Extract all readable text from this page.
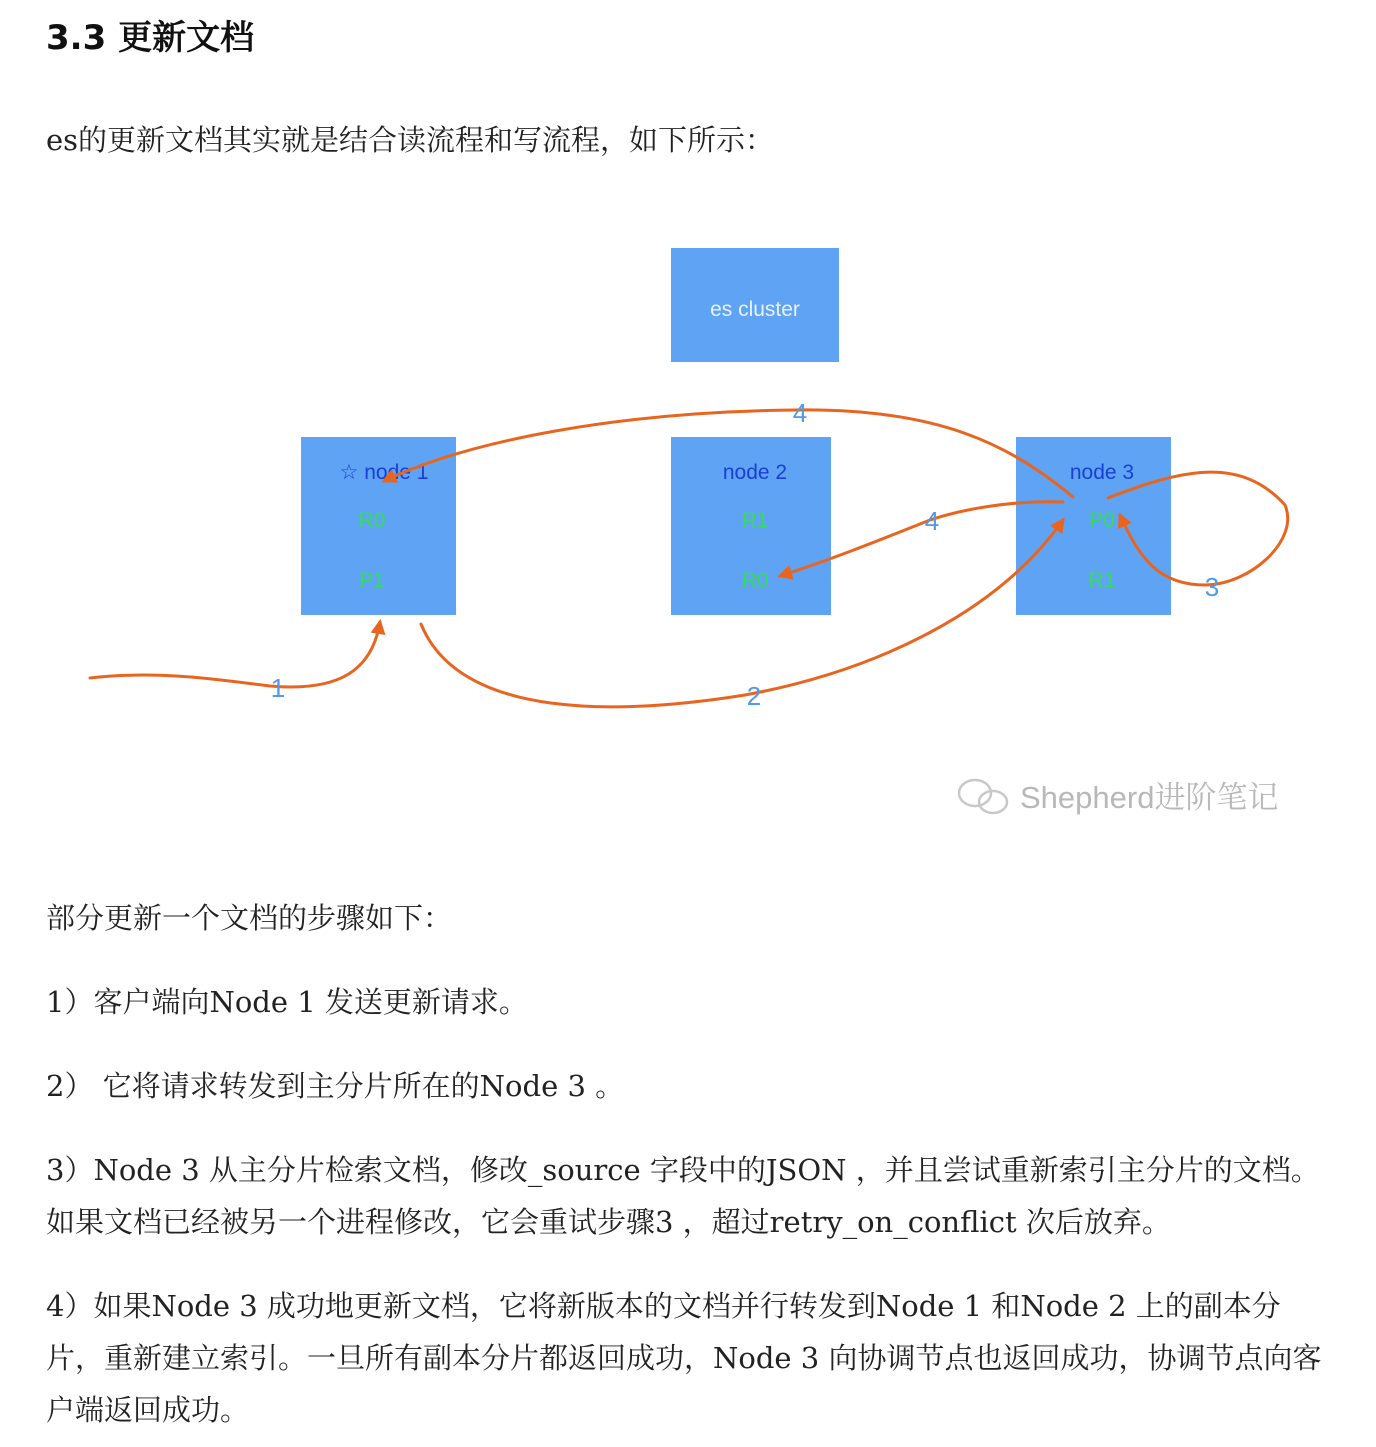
3.3 更新文档

es的更新文档其实就是结合读流程和写流程，如下所示：

es cluster
☆ node 1	node 2	node 3
R0
P1
R1
R0
P0
R1
1	2
3
4
4
Shepherd进阶笔记

部分更新一个文档的步骤如下：

1）客户端向Node 1 发送更新请求。

2） 它将请求转发到主分片所在的Node 3 。

3）Node 3 从主分片检索文档，修改_source 字段中的JSON ，并且尝试重新索引主分片的文档。如果文档已经被另一个进程修改，它会重试步骤3 ，超过retry_on_conflict 次后放弃。

4）如果Node 3 成功地更新文档，它将新版本的文档并行转发到Node 1 和Node 2 上的副本分片，重新建立索引。一旦所有副本分片都返回成功，Node 3 向协调节点也返回成功，协调节点向客户端返回成功。
